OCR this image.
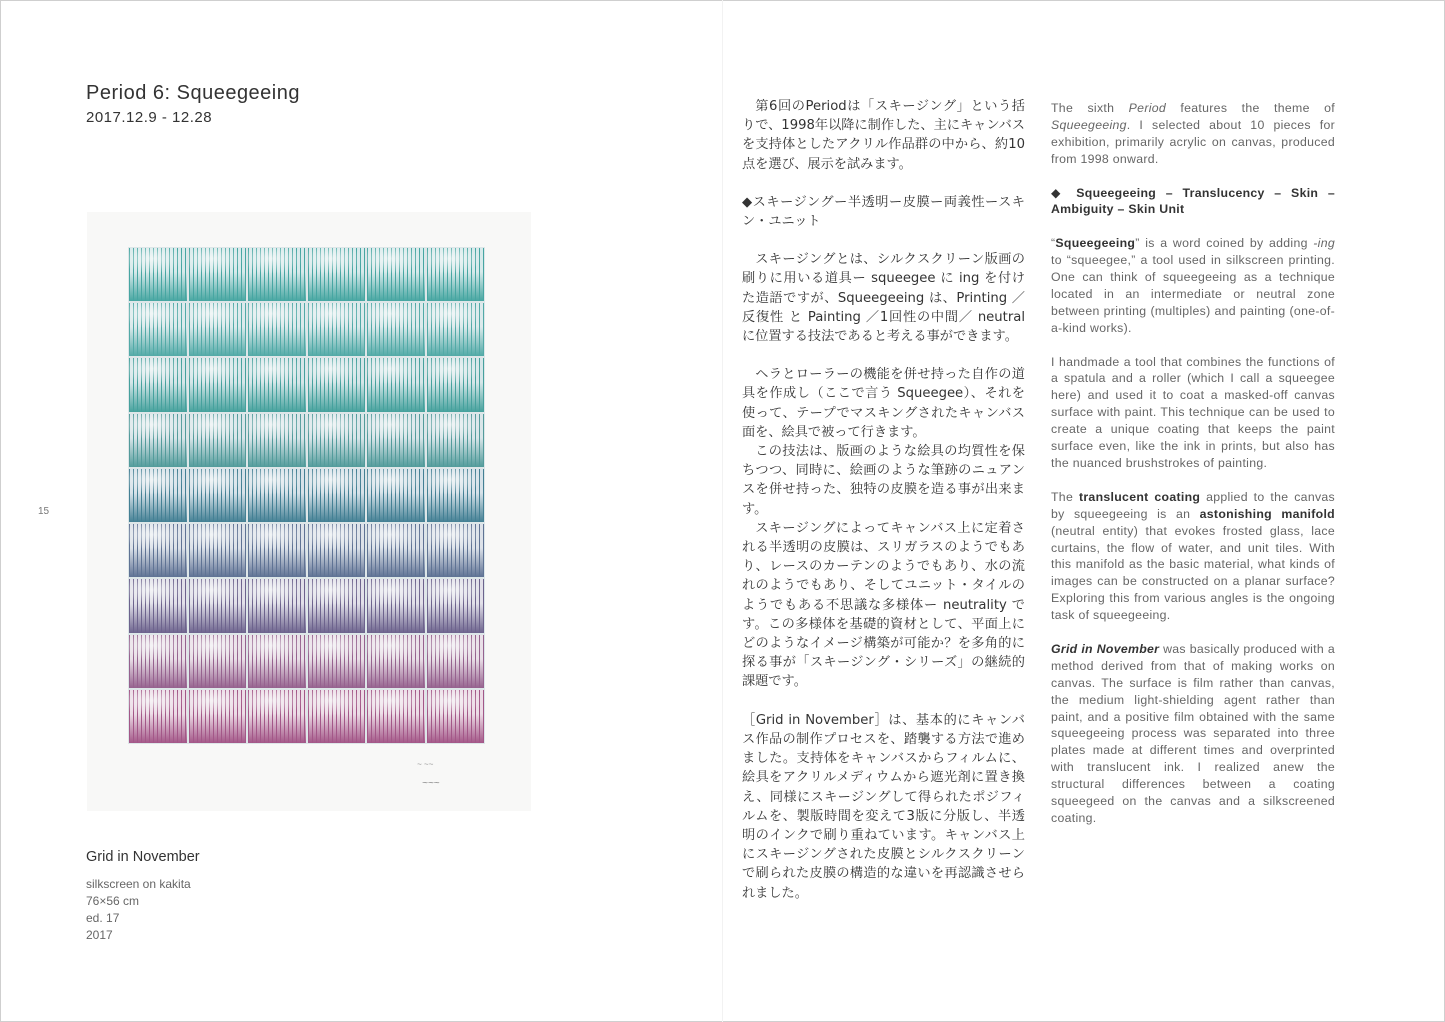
Period 6: Squeegeeing
2017.12.9 - 12.28
15
~ ~~
~~~
Grid in November
silkscreen on kakita
76×56 cm
ed. 17
2017

第6回のPeriodは「スキージング」という括りで、1998年以降に制作した、主にキャンバスを支持体としたアクリル作品群の中から、約10点を選び、展示を試みます。

◆スキージングー半透明ー皮膜ー両義性ースキン・ユニット

スキージングとは、シルクスクリーン版画の刷りに用いる道具ー squeegee に ing を付けた造語ですが、Squeegeeing は、Printing ／反復性 と Painting ／1回性の中間／ neutral に位置する技法であると考える事ができます。

ヘラとローラーの機能を併せ持った自作の道具を作成し（ここで言う Squeegee）、それを使って、テープでマスキングされたキャンバス面を、絵具で被って行きます。

この技法は、版画のような絵具の均質性を保ちつつ、同時に、絵画のような筆跡のニュアンスを併せ持った、独特の皮膜を造る事が出来ます。

スキージングによってキャンバス上に定着される半透明の皮膜は、スリガラスのようでもあり、レースのカーテンのようでもあり、水の流れのようでもあり、そしてユニット・タイルのようでもある不思議な多様体ー neutrality です。この多様体を基礎的資材として、平面上にどのようなイメージ構築が可能か？を多角的に探る事が「スキージング・シリーズ」の継続的課題です。

［Grid in November］は、基本的にキャンバス作品の制作プロセスを、踏襲する方法で進めました。支持体をキャンバスからフィルムに、絵具をアクリルメディウムから遮光剤に置き換え、同様にスキージングして得られたポジフィルムを、製版時間を変えて3版に分版し、半透明のインクで刷り重ねています。キャンバス上にスキージングされた皮膜とシルクスクリーンで刷られた皮膜の構造的な違いを再認識させられました。

The sixth Period features the theme of Squeegeeing. I selected about 10 pieces for exhibition, primarily acrylic on canvas, produced from 1998 onward.

◆ Squeegeeing – Translucency – Skin – Ambiguity – Skin Unit

“Squeegeeing” is a word coined by adding -ing to “squeegee,” a tool used in silkscreen printing. One can think of squeegeeing as a technique located in an intermediate or neutral zone between printing (multiples) and painting (one-of-a-kind works).

I handmade a tool that combines the functions of a spatula and a roller (which I call a squeegee here) and used it to coat a masked-off canvas surface with paint. This technique can be used to create a unique coating that keeps the paint surface even, like the ink in prints, but also has the nuanced brushstrokes of painting.

The translucent coating applied to the canvas by squeegeeing is an astonishing manifold (neutral entity) that evokes frosted glass, lace curtains, the flow of water, and unit tiles. With this manifold as the basic material, what kinds of images can be constructed on a planar surface? Exploring this from various angles is the ongoing task of squeegeeing.

Grid in November was basically produced with a method derived from that of making works on canvas. The surface is film rather than canvas, the medium light-shielding agent rather than paint, and a positive film obtained with the same squeegeeing process was separated into three plates made at different times and overprinted with translucent ink. I realized anew the structural differences between a coating squeegeed on the canvas and a silkscreened coating.
